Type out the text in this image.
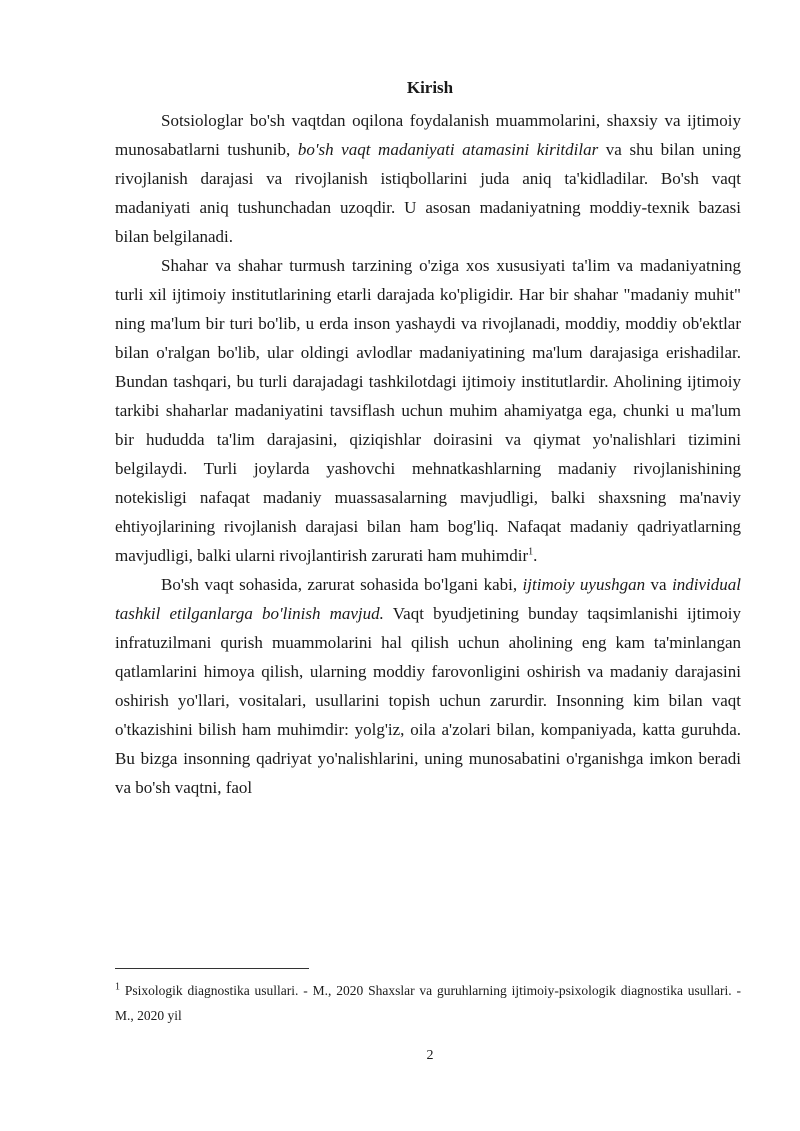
Kirish

Sotsiologlar bo'sh vaqtdan oqilona foydalanish muammolarini, shaxsiy va ijtimoiy munosabatlarni tushunib, bo'sh vaqt madaniyati atamasini kiritdilar va shu bilan uning rivojlanish darajasi va rivojlanish istiqbollarini juda aniq ta'kidladilar. Bo'sh vaqt madaniyati aniq tushunchadan uzoqdir. U asosan madaniyatning moddiy-texnik bazasi bilan belgilanadi.

Shahar va shahar turmush tarzining o'ziga xos xususiyati ta'lim va madaniyatning turli xil ijtimoiy institutlarining etarli darajada ko'pligidir. Har bir shahar "madaniy muhit" ning ma'lum bir turi bo'lib, u erda inson yashaydi va rivojlanadi, moddiy, moddiy ob'ektlar bilan o'ralgan bo'lib, ular oldingi avlodlar madaniyatining ma'lum darajasiga erishadilar. Bundan tashqari, bu turli darajadagi tashkilotdagi ijtimoiy institutlardir. Aholining ijtimoiy tarkibi shaharlar madaniyatini tavsiflash uchun muhim ahamiyatga ega, chunki u ma'lum bir hududda ta'lim darajasini, qiziqishlar doirasini va qiymat yo'nalishlari tizimini belgilaydi. Turli joylarda yashovchi mehnatkashlarning madaniy rivojlanishining notekisligi nafaqat madaniy muassasalarning mavjudligi, balki shaxsning ma'naviy ehtiyojlarining rivojlanish darajasi bilan ham bog'liq. Nafaqat madaniy qadriyatlarning mavjudligi, balki ularni rivojlantirish zarurati ham muhimdir$^1$.

Bo'sh vaqt sohasida, zarurat sohasida bo'lgani kabi, ijtimoiy uyushgan va individual tashkil etilganlarga bo'linish mavjud. Vaqt byudjetining bunday taqsimlanishi ijtimoiy infratuzilmani qurish muammolarini hal qilish uchun aholining eng kam ta'minlangan qatlamlarini himoya qilish, ularning moddiy farovonligini oshirish va madaniy darajasini oshirish yo'llari, vositalari, usullarini topish uchun zarurdir. Insonning kim bilan vaqt o'tkazishini bilish ham muhimdir: yolg'iz, oila a'zolari bilan, kompaniyada, katta guruhda. Bu bizga insonning qadriyat yo'nalishlarini, uning munosabatini o'rganishga imkon beradi va bo'sh vaqtni, faol

$^1$ Psixologik diagnostika usullari. - M., 2020 Shaxslar va guruhlarning ijtimoiy-psixologik diagnostika usullari. - M., 2020 yil
2
